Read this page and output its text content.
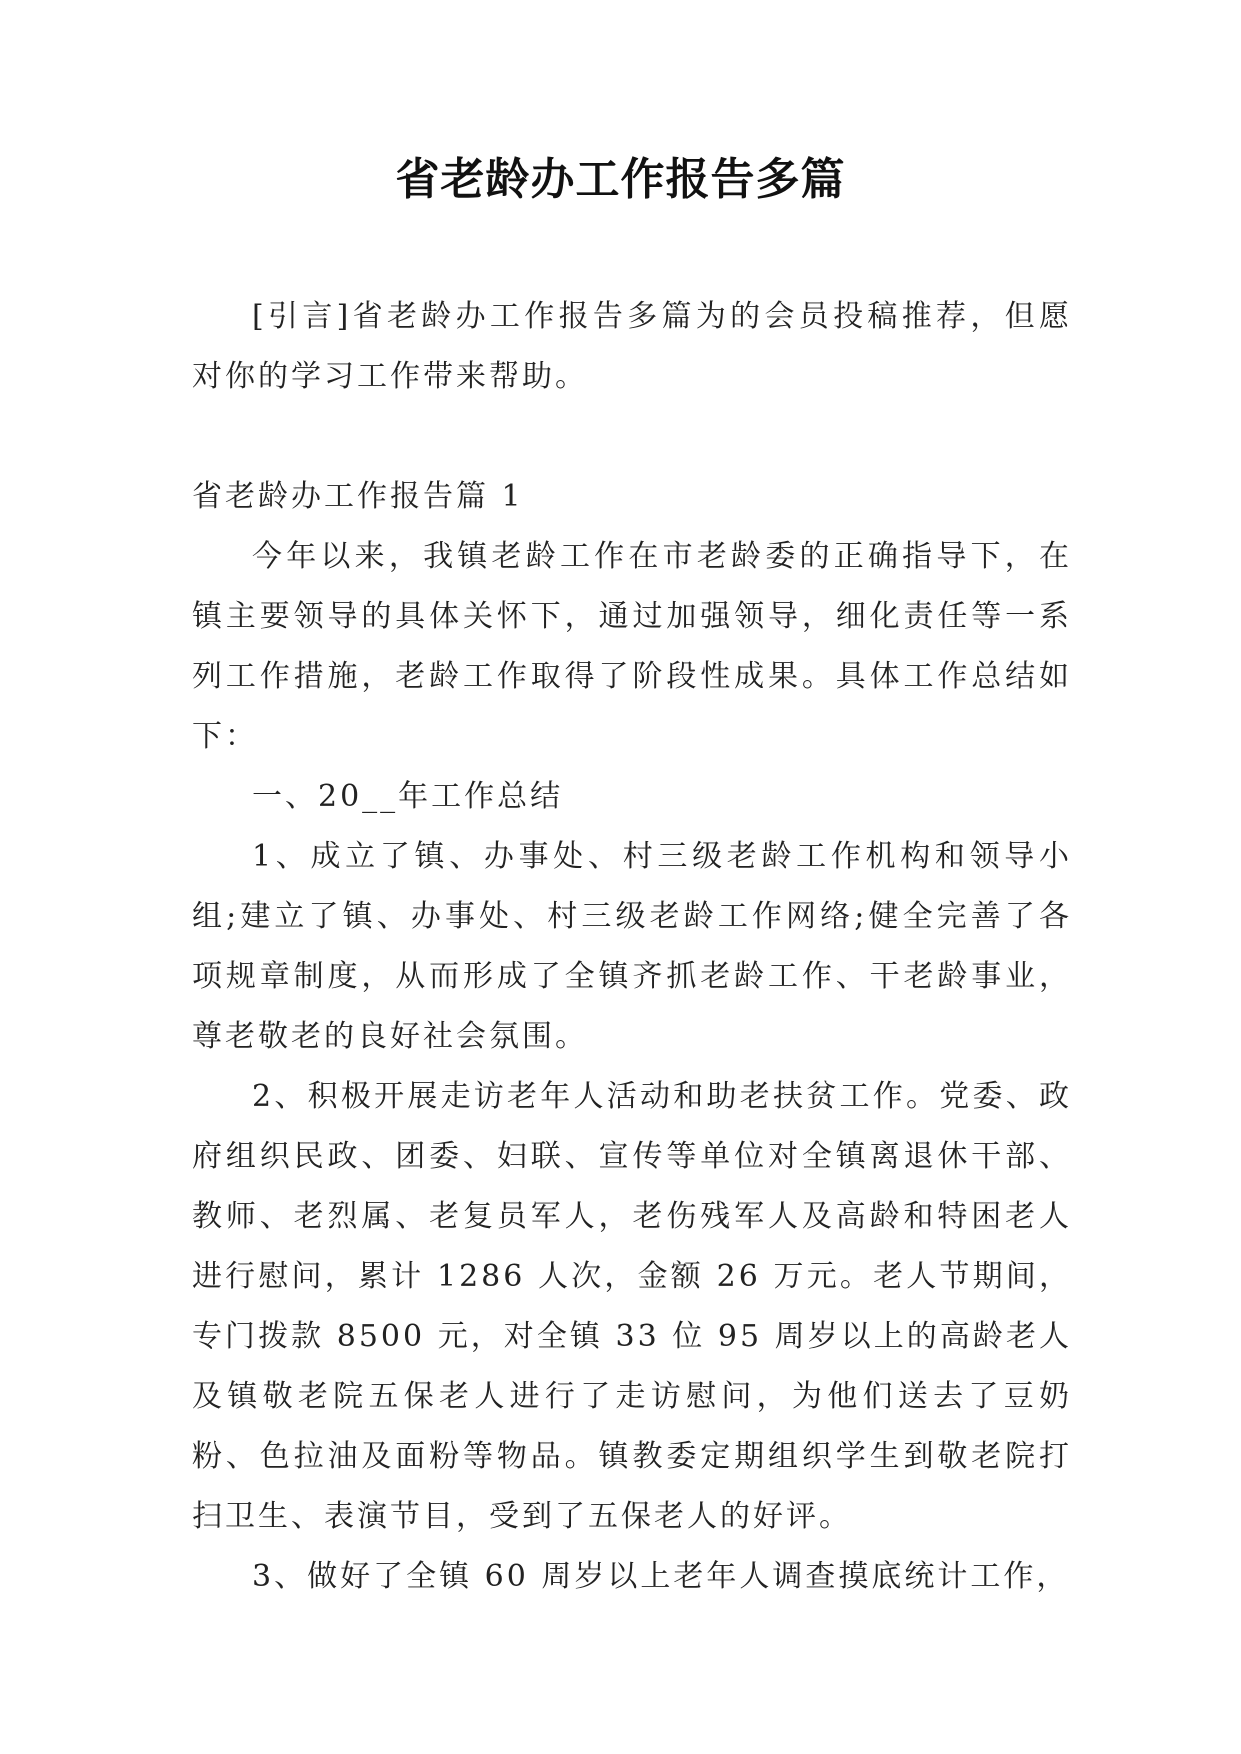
省老龄办工作报告多篇

[引言]省老龄办工作报告多篇为的会员投稿推荐，但愿对你的学习工作带来帮助。

省老龄办工作报告篇 1

今年以来，我镇老龄工作在市老龄委的正确指导下，在镇主要领导的具体关怀下，通过加强领导，细化责任等一系列工作措施，老龄工作取得了阶段性成果。具体工作总结如下：

一、20__年工作总结

1、成立了镇、办事处、村三级老龄工作机构和领导小组;建立了镇、办事处、村三级老龄工作网络;健全完善了各项规章制度，从而形成了全镇齐抓老龄工作、干老龄事业，尊老敬老的良好社会氛围。

2、积极开展走访老年人活动和助老扶贫工作。党委、政府组织民政、团委、妇联、宣传等单位对全镇离退休干部、教师、老烈属、老复员军人，老伤残军人及高龄和特困老人进行慰问，累计 1286 人次，金额 26 万元。老人节期间，专门拨款 8500 元，对全镇 33 位 95 周岁以上的高龄老人及镇敬老院五保老人进行了走访慰问，为他们送去了豆奶粉、色拉油及面粉等物品。镇教委定期组织学生到敬老院打扫卫生、表演节目，受到了五保老人的好评。

3、做好了全镇 60 周岁以上老年人调查摸底统计工作，
